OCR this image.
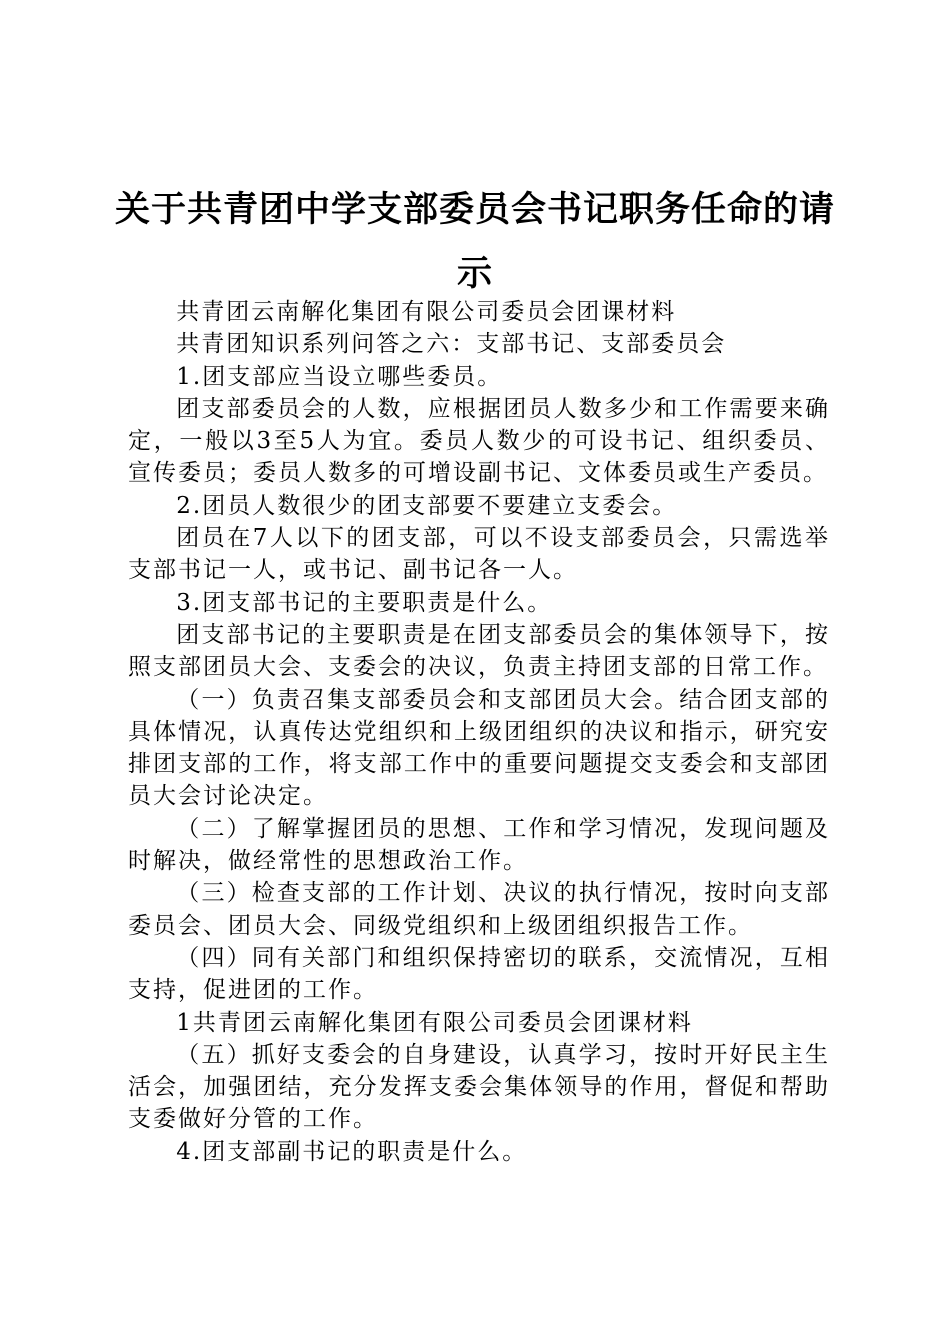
关于共青团中学支部委员会书记职务任命的请示

共青团云南解化集团有限公司委员会团课材料

共青团知识系列问答之六：支部书记、支部委员会

1.团支部应当设立哪些委员。

团支部委员会的人数，应根据团员人数多少和工作需要来确定，一般以3至5人为宜。委员人数少的可设书记、组织委员、宣传委员；委员人数多的可增设副书记、文体委员或生产委员。

2.团员人数很少的团支部要不要建立支委会。

团员在7人以下的团支部，可以不设支部委员会，只需选举支部书记一人，或书记、副书记各一人。

3.团支部书记的主要职责是什么。

团支部书记的主要职责是在团支部委员会的集体领导下，按照支部团员大会、支委会的决议，负责主持团支部的日常工作。

（一）负责召集支部委员会和支部团员大会。结合团支部的具体情况，认真传达党组织和上级团组织的决议和指示，研究安排团支部的工作，将支部工作中的重要问题提交支委会和支部团员大会讨论决定。

（二）了解掌握团员的思想、工作和学习情况，发现问题及时解决，做经常性的思想政治工作。

（三）检查支部的工作计划、决议的执行情况，按时向支部委员会、团员大会、同级党组织和上级团组织报告工作。

（四）同有关部门和组织保持密切的联系，交流情况，互相支持，促进团的工作。

1共青团云南解化集团有限公司委员会团课材料

（五）抓好支委会的自身建设，认真学习，按时开好民主生活会，加强团结，充分发挥支委会集体领导的作用，督促和帮助支委做好分管的工作。

4.团支部副书记的职责是什么。
